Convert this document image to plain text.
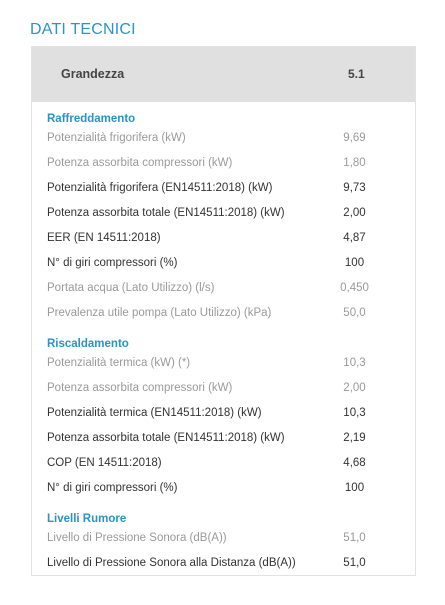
DATI TECNICI
Grandezza	5.1
Raffreddamento
Potenzialità frigorifera (kW)	9,69
Potenza assorbita compressori (kW)	1,80
Potenzialità frigorifera (EN14511:2018) (kW)	9,73
Potenza assorbita totale (EN14511:2018) (kW)	2,00
EER (EN 14511:2018)	4,87
N° di giri compressori (%)	100
Portata acqua (Lato Utilizzo) (l/s)	0,450
Prevalenza utile pompa (Lato Utilizzo) (kPa)	50,0
Riscaldamento
Potenzialità termica (kW) (*)	10,3
Potenza assorbita compressori (kW)	2,00
Potenzialità termica (EN14511:2018) (kW)	10,3
Potenza assorbita totale (EN14511:2018) (kW)	2,19
COP (EN 14511:2018)	4,68
N° di giri compressori (%)	100
Livelli Rumore
Livello di Pressione Sonora (dB(A))	51,0
Livello di Pressione Sonora alla Distanza (dB(A))	51,0
